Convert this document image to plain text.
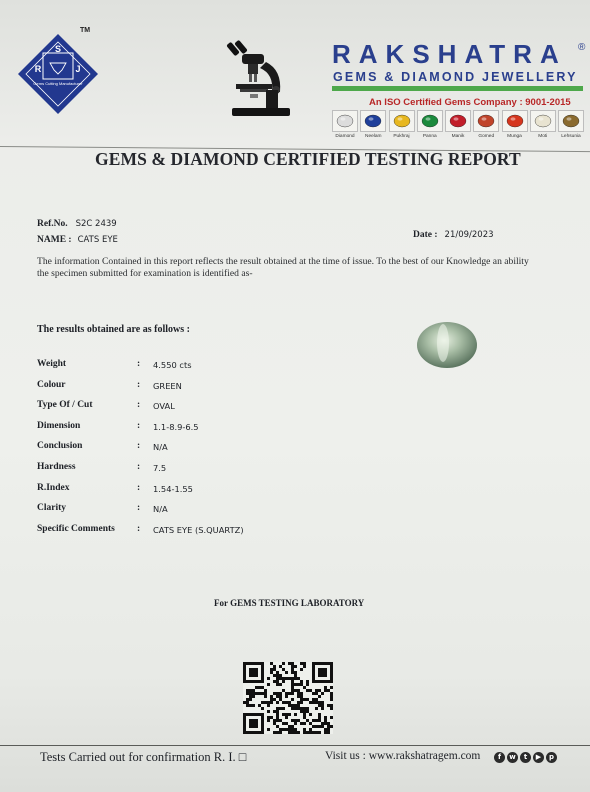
TM
S
R	J
Gems Cutting Manufacturer
RAKSHATRA ®
GEMS & DIAMOND JEWELLERY
An ISO Certified Gems Company : 9001-2015
Diamond Neelam Pukhraj	Panna	Manik	Gomed	Munga	Moti	Lehsunia
GEMS & DIAMOND CERTIFIED TESTING REPORT
Ref.No. S2C 2439
NAME : CATS EYE	Date : 21/09/2023

The information Contained in this report reflects the result obtained at the time of issue. To the best of our Knowledge an ability the specimen submitted for examination is identified as-

The results obtained are as follows :
Weight	: 4.550 cts
Colour	: GREEN
Type Of / Cut	: OVAL
Dimension	: 1.1-8.9-6.5
Conclusion	: N/A
Hardness	: 7.5
R.Index	: 1.54-1.55
Clarity	: N/A
Specific Comments : CATS EYE (S.QUARTZ)
For GEMS TESTING LABORATORY
Tests Carried out for confirmation R. I. □	Visit us : www.rakshatragem.com	f	w	t	▶	p
